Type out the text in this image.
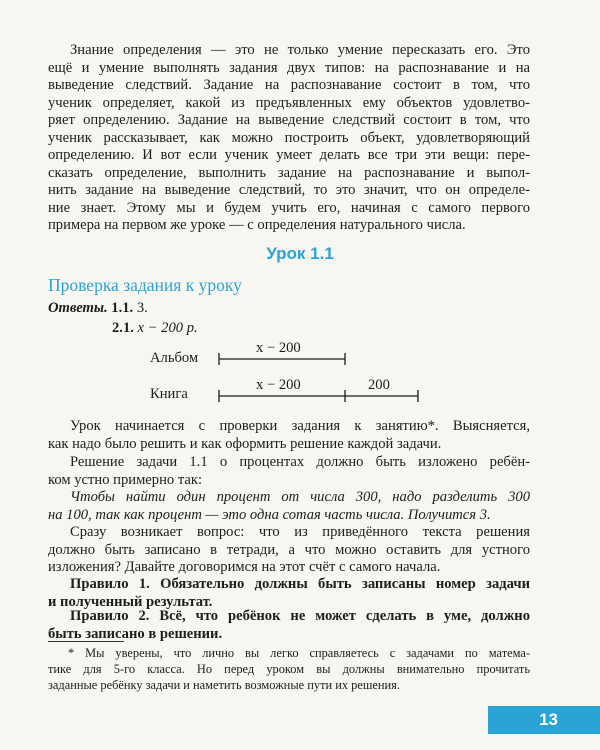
Знание определения — это не только умение пересказать его. Это
ещё и умение выполнять задания двух типов: на распознавание и на
выведение следствий. Задание на распознавание состоит в том, что
ученик определяет, какой из предъявленных ему объектов удовлетво-
ряет определению. Задание на выведение следствий состоит в том, что
ученик рассказывает, как можно построить объект, удовлетворяющий
определению. И вот если ученик умеет делать все три эти вещи: пере-
сказать определение, выполнить задание на распознавание и выпол-
нить задание на выведение следствий, то это значит, что он определе-
ние знает. Этому мы и будем учить его, начиная с самого первого
примера на первом же уроке — с определения натурального числа.

Урок 1.1
Проверка задания к уроку
Ответы. 1.1. 3.
2.1. x − 200 р.
Альбом
Книга
x − 200
x − 200	200

Урок начинается с проверки задания к занятию*. Выясняется,
как надо было решить и как оформить решение каждой задачи.

Решение задачи 1.1 о процентах должно быть изложено ребён-
ком устно примерно так:
Чтобы найти один процент от числа 300, надо разделить 300
на 100, так как процент — это одна сотая часть числа. Получится 3.

Сразу возникает вопрос: что из приведённого текста решения
должно быть записано в тетради, а что можно оставить для устного
изложения? Давайте договоримся на этот счёт с самого начала.

Правило 1. Обязательно должны быть записаны номер задачи
и полученный результат.

Правило 2. Всё, что ребёнок не может сделать в уме, должно
быть записано в решении.

* Мы уверены, что лично вы легко справляетесь с задачами по матема-
тике для 5-го класса. Но перед уроком вы должны внимательно прочитать
заданные ребёнку задачи и наметить возможные пути их решения.

13
